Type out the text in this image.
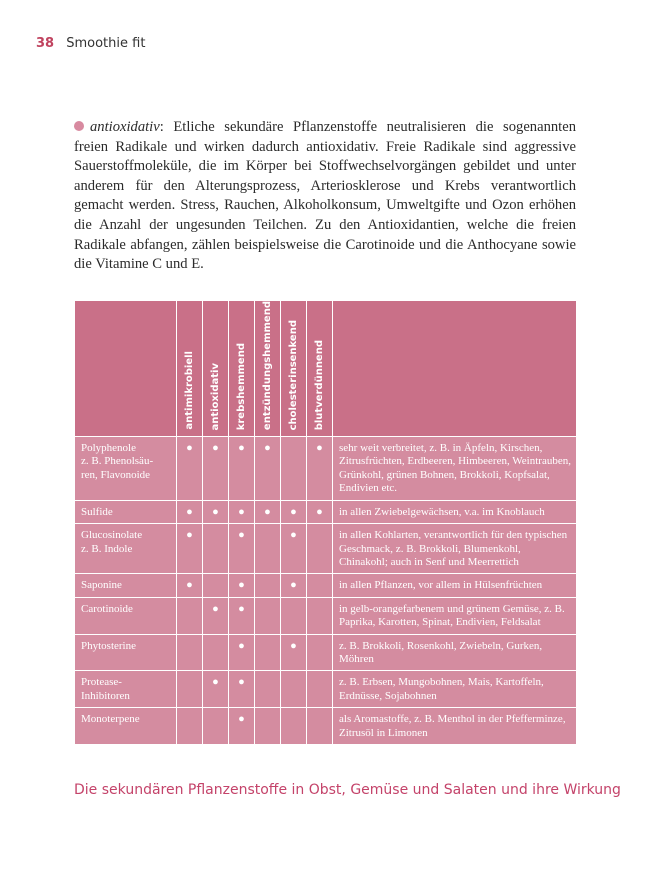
38 Smoothie fit
antioxidativ: Etliche sekundäre Pflanzenstoffe neutralisieren die sogenannten freien Radikale und wirken dadurch antioxidativ. Freie Radikale sind aggressive Sauerstoffmoleküle, die im Körper bei Stoffwechselvorgängen gebildet und unter anderem für den Alterungsprozess, Arteriosklerose und Krebs verantwortlich gemacht werden. Stress, Rauchen, Alkoholkonsum, Umweltgifte und Ozon erhöhen die Anzahl der ungesunden Teilchen. Zu den Antioxidantien, welche die freien Radikale abfangen, zählen beispielsweise die Carotinoide und die Anthocyane sowie die Vitamine C und E.

	antimikrobiell	antioxidativ	krebshemmend	entzündungshemmend	cholesterinsenkend	blutverdünnend	

Polyphenole
z. B. Phenolsäu-
ren, Flavonoide	●	●	●	●		●	sehr weit verbreitet, z. B. in Äpfeln, Kirschen, Zitrusfrüchten, Erdbeeren, Himbeeren, Weintrauben, Grünkohl, grünen Bohnen, Brokkoli, Kopfsalat, Endivien etc.
Sulfide	●	●	●	●	●	●	in allen Zwiebelgewächsen, v.a. im Knoblauch
Glucosinolate
z. B. Indole	●		●		●		in allen Kohlarten, verantwortlich für den typischen Geschmack, z. B. Brokkoli, Blumenkohl, Chinakohl; auch in Senf und Meerrettich
Saponine	●		●		●		in allen Pflanzen, vor allem in Hülsenfrüchten
Carotinoide		●	●				in gelb-orangefarbenem und grünem Gemüse, z. B. Paprika, Karotten, Spinat, Endivien, Feldsalat
Phytosterine			●		●		z. B. Brokkoli, Rosenkohl, Zwiebeln, Gurken, Möhren
Protease-
Inhibitoren		●	●				z. B. Erbsen, Mungobohnen, Mais, Kartoffeln, Erdnüsse, Sojabohnen
Monoterpene			●				als Aromastoffe, z. B. Menthol in der Pfefferminze, Zitrusöl in Limonen
Die sekundären Pflanzenstoffe in Obst, Gemüse und Salaten und ihre Wirkung
